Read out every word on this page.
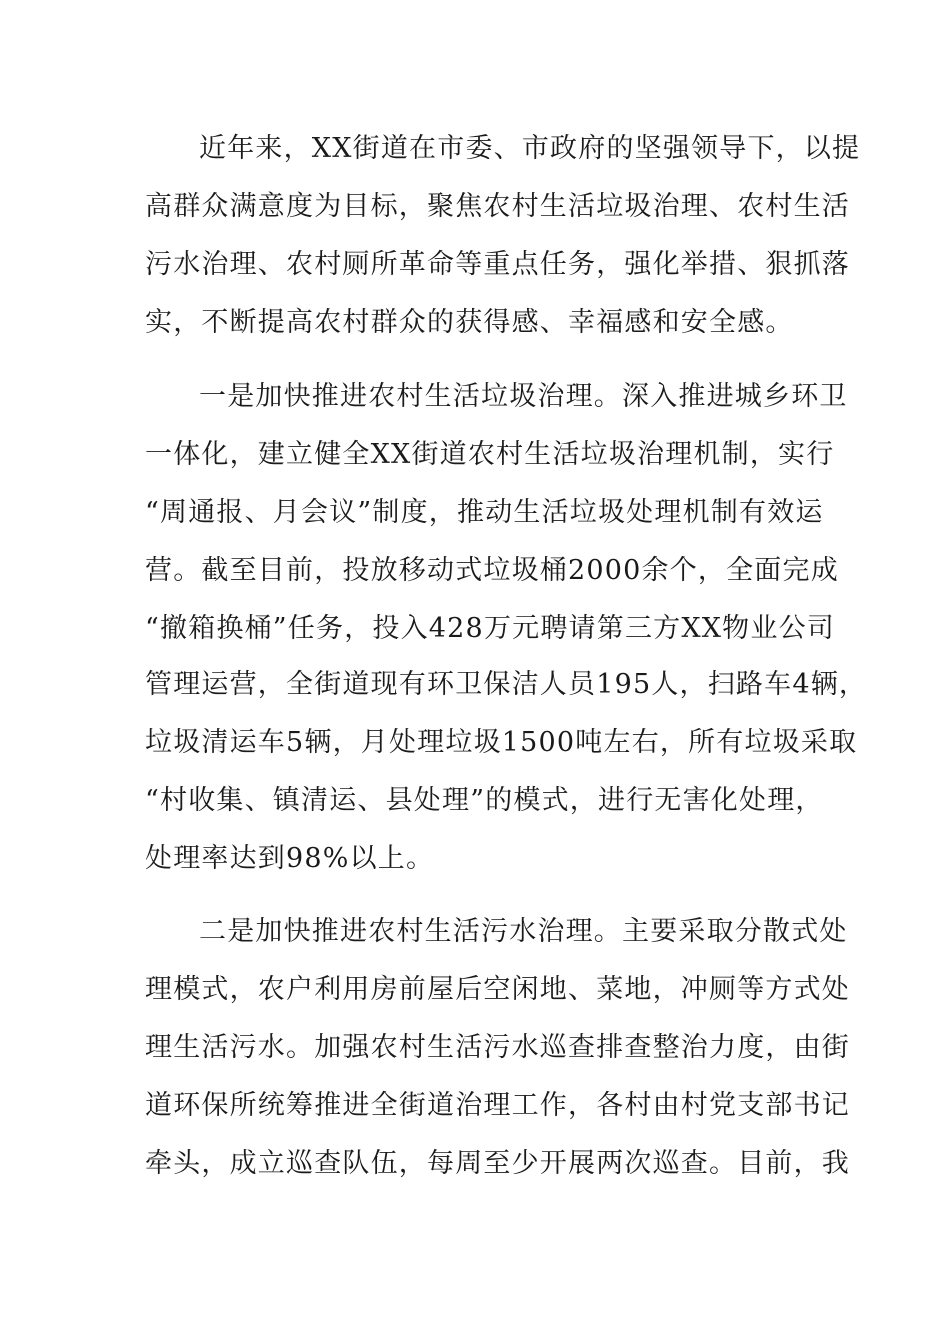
近年来，XX街道在市委、市政府的坚强领导下，以提
高群众满意度为目标，聚焦农村生活垃圾治理、农村生活
污水治理、农村厕所革命等重点任务，强化举措、狠抓落
实，不断提高农村群众的获得感、幸福感和安全感。
一是加快推进农村生活垃圾治理。深入推进城乡环卫
一体化，建立健全XX街道农村生活垃圾治理机制，实行
“周通报、月会议”制度，推动生活垃圾处理机制有效运
营。截至目前，投放移动式垃圾桶2000余个，全面完成
“撤箱换桶”任务，投入428万元聘请第三方XX物业公司
管理运营，全街道现有环卫保洁人员195人，扫路车4辆，
垃圾清运车5辆，月处理垃圾1500吨左右，所有垃圾采取
“村收集、镇清运、县处理”的模式，进行无害化处理，
处理率达到98%以上。
二是加快推进农村生活污水治理。主要采取分散式处
理模式，农户利用房前屋后空闲地、菜地，冲厕等方式处
理生活污水。加强农村生活污水巡查排查整治力度，由街
道环保所统筹推进全街道治理工作，各村由村党支部书记
牵头，成立巡查队伍，每周至少开展两次巡查。目前，我
